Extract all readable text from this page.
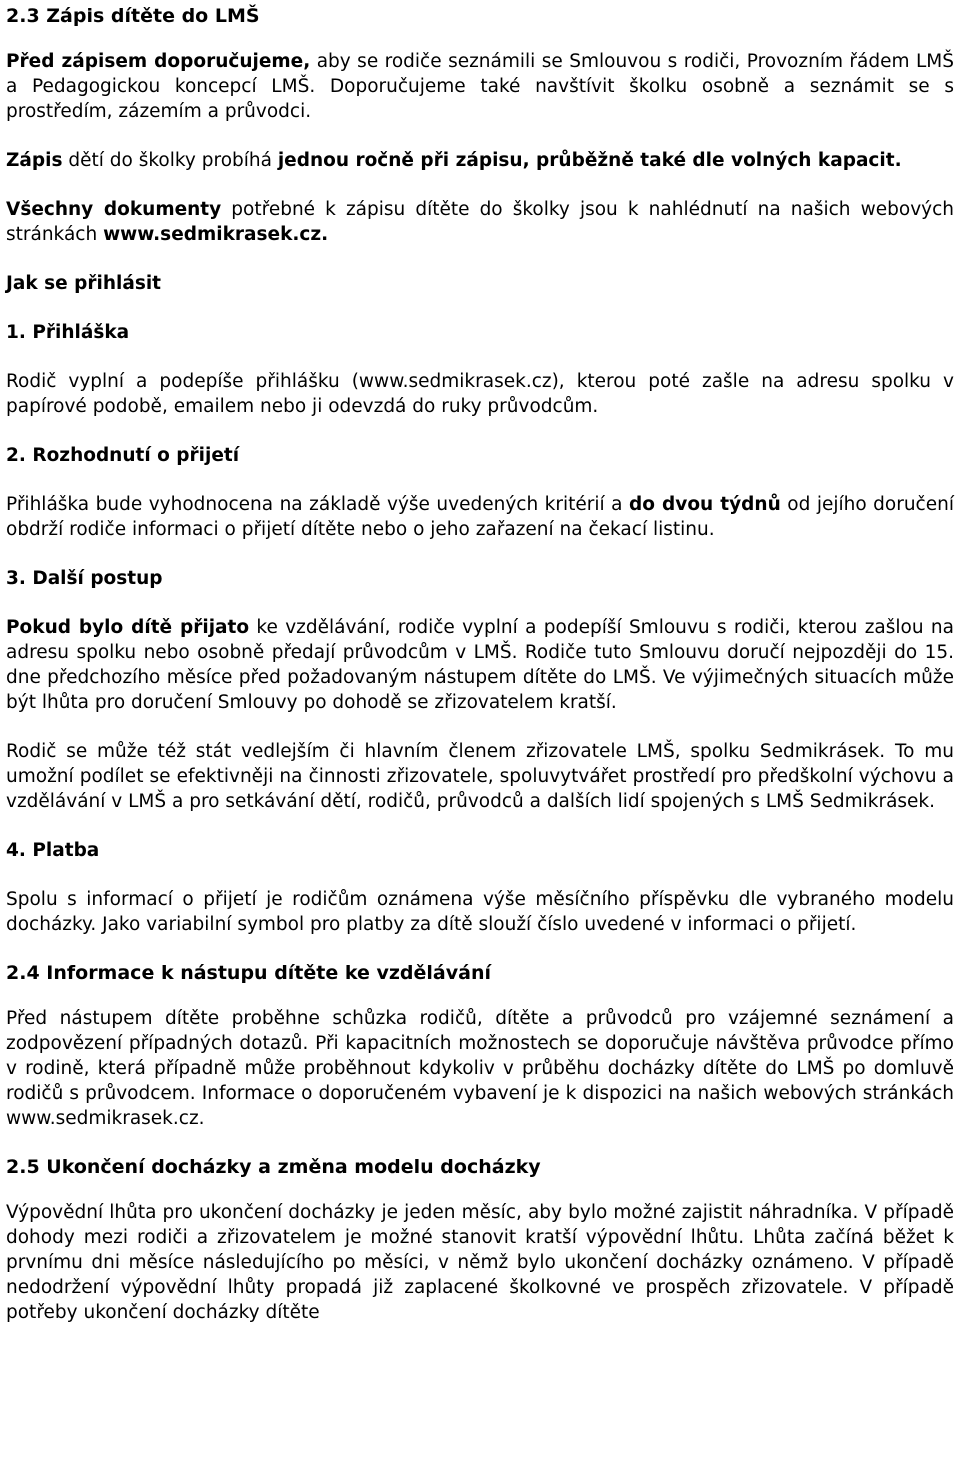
2.3 Zápis dítěte do LMŠ

Před zápisem doporučujeme, aby se rodiče seznámili se Smlouvou s rodiči, Provozním řádem LMŠ a Pedagogickou koncepcí LMŠ. Doporučujeme také navštívit školku osobně a seznámit se s prostředím, zázemím a průvodci.

Zápis dětí do školky probíhá jednou ročně při zápisu, průběžně také dle volných kapacit.

Všechny dokumenty potřebné k zápisu dítěte do školky jsou k nahlédnutí na našich webových stránkách www.sedmikrasek.cz.

Jak se přihlásit
1. Přihláška

Rodič vyplní a podepíše přihlášku (www.sedmikrasek.cz), kterou poté zašle na adresu spolku v papírové podobě, emailem nebo ji odevzdá do ruky průvodcům.

2. Rozhodnutí o přijetí

Přihláška bude vyhodnocena na základě výše uvedených kritérií a do dvou týdnů od jejího doručení obdrží rodiče informaci o přijetí dítěte nebo o jeho zařazení na čekací listinu.

3. Další postup

Pokud bylo dítě přijato ke vzdělávání, rodiče vyplní a podepíší Smlouvu s rodiči, kterou zašlou na adresu spolku nebo osobně předají průvodcům v LMŠ. Rodiče tuto Smlouvu doručí nejpozději do 15. dne předchozího měsíce před požadovaným nástupem dítěte do LMŠ. Ve výjimečných situacích může být lhůta pro doručení Smlouvy po dohodě se zřizovatelem kratší.

Rodič se může též stát vedlejším či hlavním členem zřizovatele LMŠ, spolku Sedmikrásek. To mu umožní podílet se efektivněji na činnosti zřizovatele, spoluvytvářet prostředí pro předškolní výchovu a vzdělávání v LMŠ a pro setkávání dětí, rodičů, průvodců a dalších lidí spojených s LMŠ Sedmikrásek.

4. Platba

Spolu s informací o přijetí je rodičům oznámena výše měsíčního příspěvku dle vybraného modelu docházky. Jako variabilní symbol pro platby za dítě slouží číslo uvedené v informaci o přijetí.

2.4 Informace k nástupu dítěte ke vzdělávání

Před nástupem dítěte proběhne schůzka rodičů, dítěte a průvodců pro vzájemné seznámení a zodpovězení případných dotazů. Při kapacitních možnostech se doporučuje návštěva průvodce přímo v rodině, která případně může proběhnout kdykoliv v průběhu docházky dítěte do LMŠ po domluvě rodičů s průvodcem. Informace o doporučeném vybavení je k dispozici na našich webových stránkách www.sedmikrasek.cz.

2.5 Ukončení docházky a změna modelu docházky

Výpovědní lhůta pro ukončení docházky je jeden měsíc, aby bylo možné zajistit náhradníka. V případě dohody mezi rodiči a zřizovatelem je možné stanovit kratší výpovědní lhůtu. Lhůta začíná běžet k prvnímu dni měsíce následujícího po měsíci, v němž bylo ukončení docházky oznámeno. V případě nedodržení výpovědní lhůty propadá již zaplacené školkovné ve prospěch zřizovatele. V případě potřeby ukončení docházky dítěte
